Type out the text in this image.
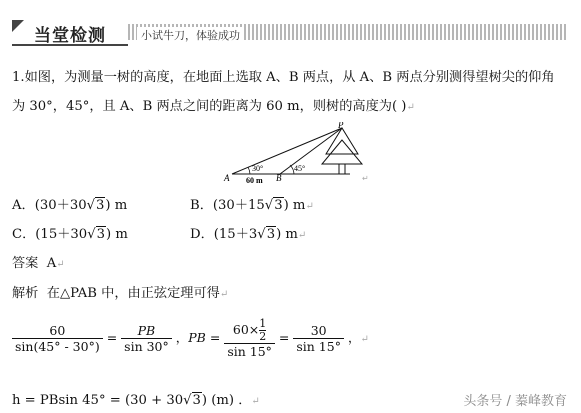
当堂检测	小试牛刀，体验成功
1.如图，为测量一树的高度，在地面上选取 A、B 两点，从 A、B 两点分别测得望树尖的仰角
为 30°，45°，且 A、B 两点之间的距离为 60 m，则树的高度为( )↵
A	B
P
30°	45°
60 m	↵
A．(30＋30√3) m	B．(30＋15√3) m↵
C．(15＋30√3) m	D．(15＋3√3) m↵
答案 A↵
解析 在△PAB 中，由正弦定理可得↵
$\frac{60}{\sin(45^\circ - 30^\circ)} = \frac{PB}{\sin 30^\circ}$ ，PB = $\frac{60\times \frac{1}{2}}{\sin 15^\circ} = \frac{30}{\sin 15^\circ}$ ，↵
h = PBsin 45° = (30 + 30√3) (m) ．↵	头条号 / 蓁峰教育
